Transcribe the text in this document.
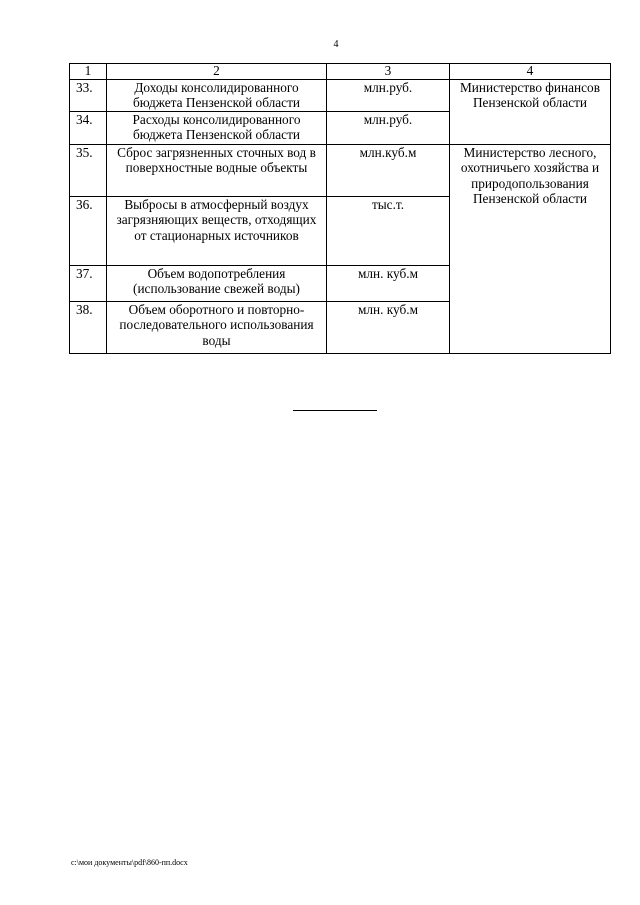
4
1	2	3	4
33.	Доходы консолидированного бюджета Пензенской области	млн.руб.	Министерство финансов Пензенской области
34.	Расходы консолидированного бюджета Пензенской области	млн.руб.	
35.	Сброс загрязненных сточных вод в поверхностные водные объекты	млн.куб.м	Министерство лесного, охотничьего хозяйства и природопользования Пензенской области
36.	Выбросы в атмосферный воздух загрязняющих веществ, отходящих от стационарных источников	тыс.т.	
37.	Объем водопотребления (использование свежей воды)	млн. куб.м	
38.	Объем оборотного и повторно-последовательного использования воды	млн. куб.м	
c:\мои документы\pdf\860-пп.docx
